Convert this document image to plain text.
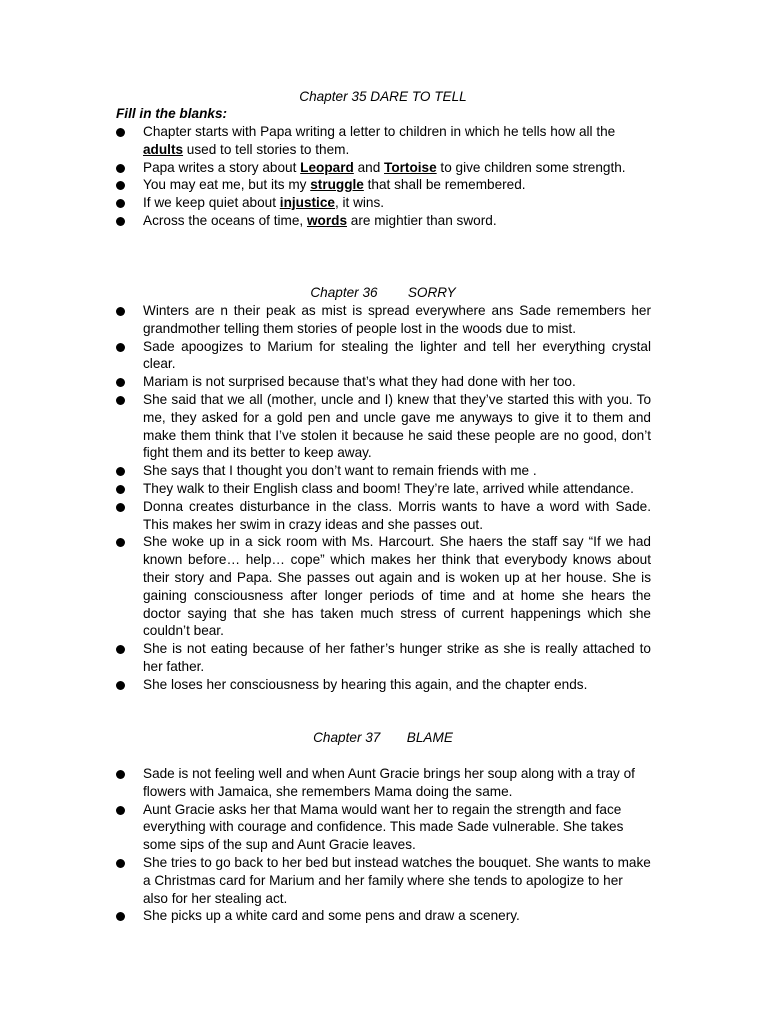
Chapter 35 DARE TO TELL
Fill in the blanks:
Chapter starts with Papa writing a letter to children in which he tells how all the adults used to tell stories to them.
Papa writes a story about Leopard and Tortoise to give children some strength.
You may eat me, but its my struggle that shall be remembered.
If we keep quiet about injustice, it wins.
Across the oceans of time, words are mightier than sword.
Chapter 36        SORRY
Winters are n their peak as mist is spread everywhere ans Sade remembers her grandmother telling them stories of people lost in the woods due to mist.
Sade apoogizes to Marium for stealing the lighter and tell her everything crystal clear.
Mariam is not surprised because that’s what they had done with her too.
She said that we all (mother, uncle and I) knew that they’ve started this with you. To me, they asked for a gold pen and uncle gave me anyways to give it to them and make them think that I’ve stolen it because he said these people are no good, don’t fight them and its better to keep away.
She says that I thought you don’t want to remain friends with me .
They walk to their English class and boom! They’re late, arrived while attendance.
Donna creates disturbance in the class. Morris wants to have a word with Sade. This makes her swim in crazy ideas and she passes out.
She woke up in a sick room with Ms. Harcourt. She haers the staff say “If we had known before… help… cope” which makes her think that everybody knows about their story and Papa. She passes out again and is woken up at her house. She is gaining consciousness after longer periods of time and at home she hears the doctor saying that she has taken much stress of current happenings which she couldn’t bear.
She is not eating because of her father’s hunger strike as she is really attached to her father.
She loses her consciousness by hearing this again, and the chapter ends.
Chapter 37       BLAME
Sade is not feeling well and when Aunt Gracie brings her soup along with a tray of flowers with Jamaica, she remembers Mama doing the same.
Aunt Gracie asks her that Mama would want her to regain the strength and face everything with courage and confidence. This made Sade vulnerable. She takes some sips of the sup and Aunt Gracie leaves.
She tries to go back to her bed but instead watches the bouquet. She wants to make a Christmas card for Marium and her family where she tends to apologize to her also for her stealing act.
She picks up a white card and some pens and draw a scenery.
